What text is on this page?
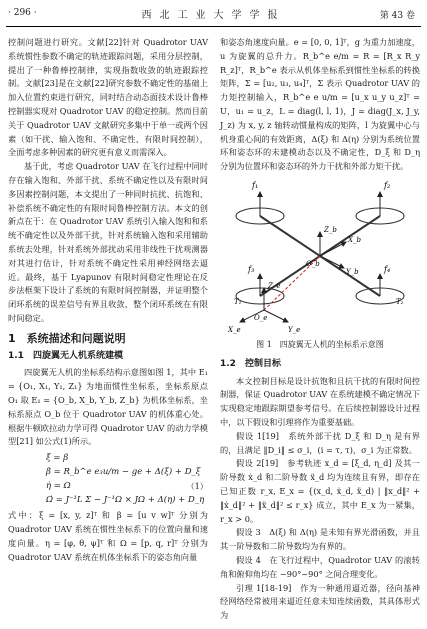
· 296 ·	西北工业大学学报	第 43 卷

控制问题进行研究。文献[22]针对 Quadrotor UAV 系统惯性参数不确定的轨迹跟踪问题，采用分层控制，提出了一种鲁棒控制律，实现指数收敛的轨迹跟踪控制。文献[23]是在文献[22]研究参数不确定性的基础上加入位置约束进行研究，同时结合动态面技术设计鲁棒控制器实现对 Quadrotor UAV 的稳定控制。然而目前关于 Quadrotor UAV 文献研究多集中于单一或两个因素（如干扰、输入饱和、不确定性、有限时间控制），全面考虑多种因素的研究更有意义而需深入。

基于此，考虑 Quadrotor UAV 在飞行过程中同时存在输入饱和、外部干扰、系统不确定性以及有限时间多因素控制问题，本文提出了一种同时抗扰、抗饱和、补偿系统不确定性的有限时间鲁棒控制方法。本文的创新点在于：在 Quadrotor UAV 系统引入输入饱和和系统不确定性以及外部干扰，针对系统输入饱和采用辅助系统去处理，针对系统外部扰动采用非线性干扰观测器对其进行估计，针对系统不确定性采用神经网络去逼近。最终，基于 Lyapunov 有限时间稳定性理论在反步法框架下设计了系统的有限时间控制器，并证明整个闭环系统的误差信号有界且收敛，整个闭环系统在有限时间稳定。

1　系统描述和问题说明
1.1　四旋翼无人机系统建模

四旋翼无人机的坐标系结构示意图如图 1，其中 E₁ = {O₁, X₁, Y₁, Z₁} 为地面惯性坐标系，坐标系原点 O₁ 取 E₁ = {O_b, X_b, Y_b, Z_b} 为机体坐标系，坐标系原点 O_b 位于 Quadrotor UAV 的机体重心处。根据牛顿欧拉动力学可得 Quadrotor UAV 的动力学模型[21] 如公式(1)所示。

ξ̇ = β
β̇ = R_b^e e₃u/m − ge + Δ(ξ) + D_ξ
η̇ = Ω
Ω̇ = J⁻¹L Σ − J⁻¹Ω × JΩ + Δ(η) + D_η
（1）

式中：ξ = [x, y, z]ᵀ 和 β = [u v w]ᵀ 分别为 Quadrotor UAV 系统在惯性坐标系下的位置向量和速度向量。η = [φ, θ, ψ]ᵀ 和 Ω = [p, q, r]ᵀ 分别为 Quadrotor UAV 系统在机体坐标系下的姿态角向量

和姿态角速度向量。e = [0, 0, 1]ᵀ，g 为重力加速度，u 为旋翼的总升力。R_b^e e/m = R = [R_x R_y R_z]ᵀ，R_b^e 表示从机体坐标系到惯性坐标系的转换矩阵，Σ = [u₂, u₃, u₄]ᵀ，Σ 表示 Quadrotor UAV 的力矩控制输入，R_b^e e u/m = [u_x u_y u_z]ᵀ = U，u₁ = u_z，L = diag(l, l, 1)，J = diag(J_x, J_y, J_z) 为 x, y, z 轴转动惯量构成的矩阵，l 为旋翼中心与机身重心间的有效距离，Δ(ξ) 和 Δ(η) 分别为系统位置环和姿态环的未建模动态以及不确定性，D_ξ 和 D_η 分别为位置环和姿态环的外力干扰和外部力矩干扰。

f₁	f₂
f₃	f₄
Z_b
X_b
Y_b
O_b
Z_e
X_e	Y_e
O_e
T₁	T₂
图 1　四旋翼无人机的坐标系示意图
1.2　控制目标

本文控制目标是设计抗饱和且抗干扰的有限时间控制器，保证 Quadrotor UAV 在系统建模不确定情况下实现稳定地跟踪期望参考信号。在后续控制器设计过程中，以下假设和引理将作为重要基础。

假设 1[19]　系统外部干扰 D_ξ 和 D_η 是有界的，且满足 ‖D_i‖ ≤ σ_i，(i = τ, τ)，σ_i 为正常数。

假设 2[19]　参考轨迹 x_d = [ξ_d, η_d] 及其一阶导数 ẋ_d 和二阶导数 ẍ_d 均为连续且有界，即存在已知正数 r_x, E_x = {(x_d, ẋ_d, ẍ_d) | ‖x_d‖² + ‖ẋ_d‖² + ‖ẍ_d‖² ≤ r_x} 成立，其中 E_x 为一紧集，r_x > 0。

假设 3　Δ(ξ) 和 Δ(η) 是未知有界光滑函数，并且其一阶导数和二阶导数均为有界的。

假设 4　在飞行过程中，Quadrotor UAV 的滚转角和俯仰角均在 −90°~90° 之间合理变化。

引理 1[18-19]　作为一种通用逼近器，径向基神经网络经常被用来逼近任意未知连续函数，其具体形式为
